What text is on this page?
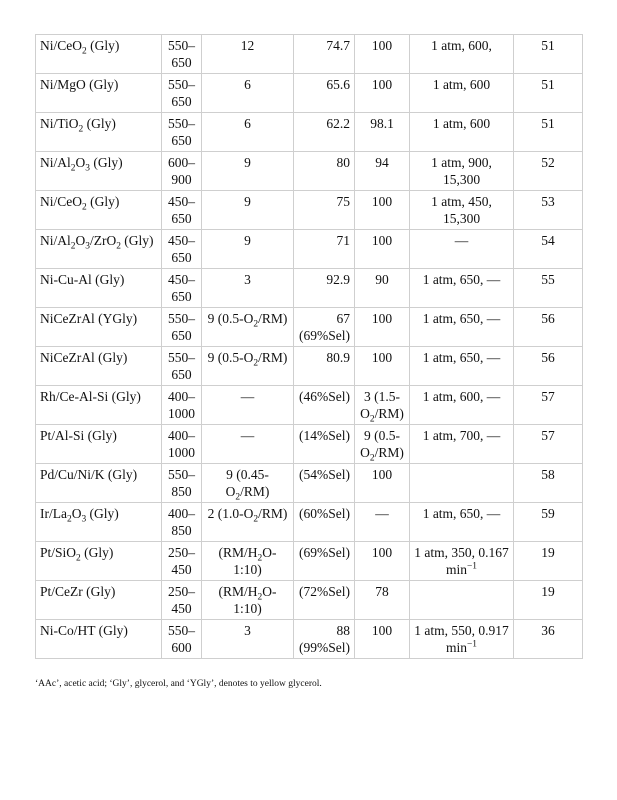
Ni/CeO$_2$ (Gly)	550–650	12	74.7	100	1 atm, 600,	51
Ni/MgO (Gly)	550–650	6	65.6	100	1 atm, 600	51
Ni/TiO$_2$ (Gly)	550–650	6	62.2	98.1	1 atm, 600	51
$Ni/Al_2O_3$ (Gly)	600–900	9	80	94	1 atm, 900, 15,300	52
Ni/CeO$_2$ (Gly)	450–650	9	75	100	1 atm, 450, 15,300	53
$Ni/Al_2O_3/ZrO_2$ (Gly)	450–650	9	71	100	—	54
Ni-Cu-Al (Gly)	450–650	3	92.9	90	1 atm, 650, —	55
NiCeZrAl (YGly)	550–650	9 $(0.5-O_2/RM)$	67 (69%Sel)	100	1 atm, 650, —	56
NiCeZrAl (Gly)	550–650	9 $(0.5-O_2/RM)$	80.9	100	1 atm, 650, —	56
Rh/Ce-Al-Si (Gly)	400–1000	—	(46%Sel)	3 $(1.5-O_2/RM)$	1 atm, 600, —	57
Pt/Al-Si (Gly)	400–1000	—	(14%Sel)	9 $(0.5-O_2/RM)$	1 atm, 700, —	57
Pd/Cu/Ni/K (Gly)	550–850	9 $(0.45-O_2/RM)$	(54%Sel)	100		58
$Ir/La_2O_3$ (Gly)	400–850	2 $(1.0-O_2/RM)$	(60%Sel)	—	1 atm, 650, —	59
Pt/SiO$_2$ (Gly)	250–450	$(RM/H_2O-1:10)$	(69%Sel)	100	1 atm, 350, 0.167 $\min^{-1}$	19
Pt/CeZr (Gly)	250–450	$(RM/H_2O-1:10)$	(72%Sel)	78		19
Ni-Co/HT (Gly)	550–600	3	88 (99%Sel)	100	1 atm, 550, 0.917 $\min^{-1}$	36
‘AAc’, acetic acid; ‘Gly’, glycerol, and ‘YGly’, denotes to yellow glycerol.
